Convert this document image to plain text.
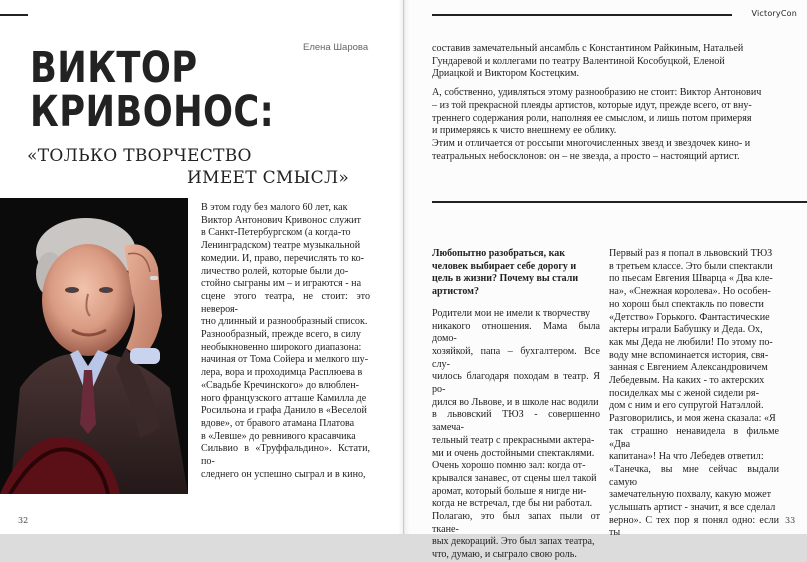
Елена Шарова
ВИКТОР
КРИВОНОС:
«ТОЛЬКО ТВОРЧЕСТВО
ИМЕЕТ СМЫСЛ»

В этом году без малого 60 лет, как

Виктор Антонович Кривонос служит

в Санкт-Петербургском (а когда-то

Ленинградском) театре музыкальной

комедии. И, право, перечислять то ко-

личество ролей, которые были до-

стойно сыграны им – и играются - на

сцене этого театра, не стоит: это невероя-

тно длинный и разнообразный список.

Разнообразный, прежде всего, в силу

необыкновенно широкого диапазона:

начиная от Тома Сойера и мелкого шу-

лера, вора и проходимца Расплюева в

«Свадьбе Кречинского» до влюблен-

ного французского атташе Камилла де

Росильона и графа Данило в «Веселой

вдове», от бравого атамана Платова

в «Левше» до ревнивого красавчика

Сильвио в «Труффальдино». Кстати, по-

следнего он успешно сыграл и в кино,

32
VictoryCon

составив замечательный ансамбль с Константином Райкиным, Натальей

Гундаревой и коллегами по театру Валентиной Кособуцкой, Еленой

Дриацкой и Виктором Костецким.

А, собственно, удивляться этому разнообразию не стоит: Виктор Антонович

– из той прекрасной плеяды артистов, которые идут, прежде всего, от вну-

треннего содержания роли, наполняя ее смыслом, и лишь потом примеряя

и примеряясь к чисто внешнему ее облику.

Этим и отличается от россыпи многочисленных звезд и звездочек кино- и

театральных небосклонов: он – не звезда, а просто – настоящий артист.

Любопытно разобраться, как

человек выбирает себе дорогу и

цель в жизни? Почему вы стали

артистом?

Родители мои не имели к творчеству

никакого отношения. Мама была домо-

хозяйкой, папа – бухгалтером. Все слу-

чилось благодаря походам в театр. Я ро-

дился во Львове, и в школе нас водили

в львовский ТЮЗ - совершенно замеча-

тельный театр с прекрасными актера-

ми и очень достойными спектаклями.

Очень хорошо помню зал: когда от-

крывался занавес, от сцены шел такой

аромат, который больше я нигде ни-

когда не встречал, где бы ни работал.

Полагаю, это был запах пыли от ткане-

вых декораций. Это был запах театра,

что, думаю, и сыграло свою роль.

Первый раз я попал в львовский ТЮЗ

в третьем классе. Это были спектакли

по пьесам Евгения Шварца « Два кле-

на», «Снежная королева». Но особен-

но хорош был спектакль по повести

«Детство» Горького. Фантастические

актеры играли Бабушку и Деда. Ох,

как мы Деда не любили! По этому по-

воду мне вспоминается история, свя-

занная с Евгением Александровичем

Лебедевым. На каких - то актерских

посиделках мы с женой сидели ря-

дом с ним и его супругой Натэллой.

Разговорились, и моя жена сказала: «Я

так страшно ненавидела в фильме «Два

капитана»! На что Лебедев ответил:

«Танечка, вы мне сейчас выдали самую

замечательную похвалу, какую может

услышать артист - значит, я все сделал

верно». С тех пор я понял одно: если ты

33
